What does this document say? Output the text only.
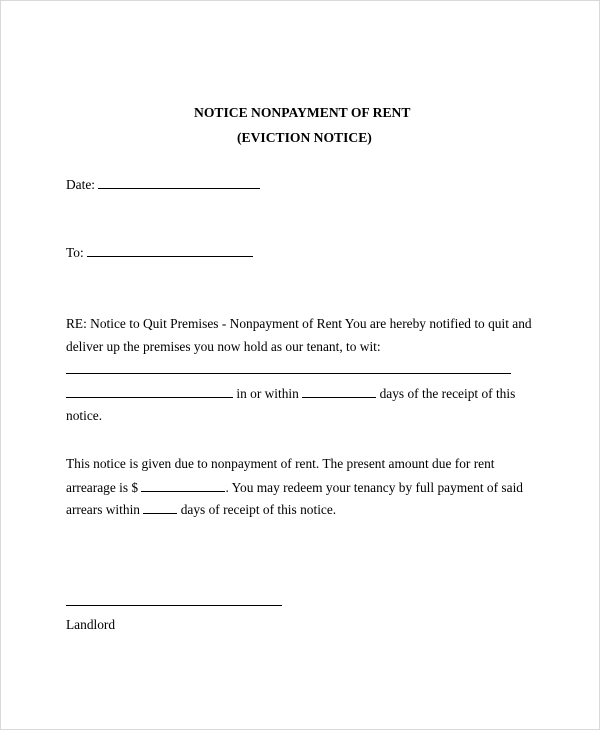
NOTICE NONPAYMENT OF RENT
(EVICTION NOTICE)
Date:
To:
RE: Notice to Quit Premises - Nonpayment of Rent You are hereby notified to quit and
deliver up the premises you now hold as our tenant, to wit:
in or within	days of the receipt of this
notice.
This notice is given due to nonpayment of rent. The present amount due for rent
arrearage is $	. You may redeem your tenancy by full payment of said
arrears within	days of receipt of this notice.
Landlord
